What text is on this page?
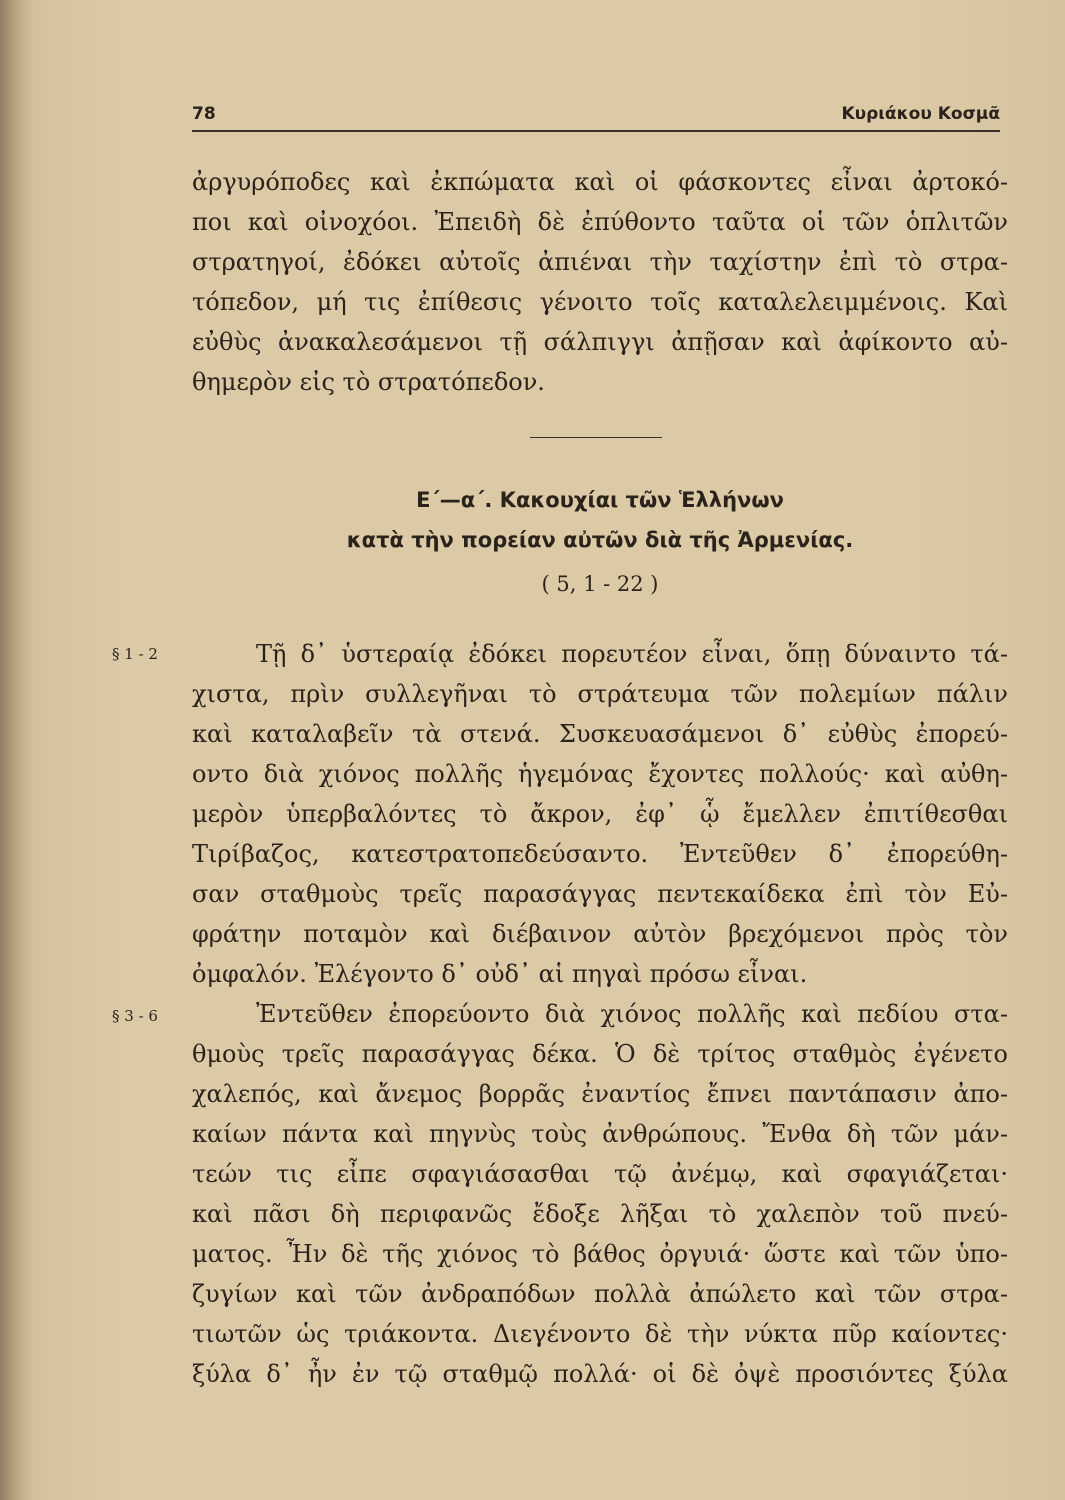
78	Κυριάκου Κοσμᾶ
ἀργυρόποδες καὶ ἐκπώματα καὶ οἱ φάσκοντες εἶναι ἀρτοκό-
ποι καὶ οἰνοχόοι. Ἐπειδὴ δὲ ἐπύθοντο ταῦτα οἱ τῶν ὁπλιτῶν
στρατηγοί, ἐδόκει αὐτοῖς ἀπιέναι τὴν ταχίστην ἐπὶ τὸ στρα-
τόπεδον, μή τις ἐπίθεσις γένοιτο τοῖς καταλελειμμένοις. Καὶ
εὐθὺς ἀνακαλεσάμενοι τῇ σάλπιγγι ἀπῇσαν καὶ ἀφίκοντο αὐ-
θημερὸν εἰς τὸ στρατόπεδον.
Ε΄—α΄. Κακουχίαι τῶν Ἑλλήνων
κατὰ τὴν πορείαν αὐτῶν διὰ τῆς Ἀρμενίας.
( 5, 1 - 22 )
§ 1 - 2	Τῇ δ᾽ ὑστεραίᾳ ἐδόκει πορευτέον εἶναι, ὅπῃ δύναιντο τά-
χιστα, πρὶν συλλεγῆναι τὸ στράτευμα τῶν πολεμίων πάλιν
καὶ καταλαβεῖν τὰ στενά. Συσκευασάμενοι δ᾽ εὐθὺς ἐπορεύ-
οντο διὰ χιόνος πολλῆς ἡγεμόνας ἔχοντες πολλούς· καὶ αὐθη-
μερὸν ὑπερβαλόντες τὸ ἄκρον, ἐφ᾽ ᾧ ἔμελλεν ἐπιτίθεσθαι
Τιρίβαζος, κατεστρατοπεδεύσαντο. Ἐντεῦθεν δ᾽ ἐπορεύθη-
σαν σταθμοὺς τρεῖς παρασάγγας πεντεκαίδεκα ἐπὶ τὸν Εὐ-
φράτην ποταμὸν καὶ διέβαινον αὐτὸν βρεχόμενοι πρὸς τὸν
ὀμφαλόν. Ἐλέγοντο δ᾽ οὐδ᾽ αἱ πηγαὶ πρόσω εἶναι.
§ 3 - 6	Ἐντεῦθεν ἐπορεύοντο διὰ χιόνος πολλῆς καὶ πεδίου στα-
θμοὺς τρεῖς παρασάγγας δέκα. Ὁ δὲ τρίτος σταθμὸς ἐγένετο
χαλεπός, καὶ ἄνεμος βορρᾶς ἐναντίος ἔπνει παντάπασιν ἀπο-
καίων πάντα καὶ πηγνὺς τοὺς ἀνθρώπους. Ἔνθα δὴ τῶν μάν-
τεών τις εἶπε σφαγιάσασθαι τῷ ἀνέμῳ, καὶ σφαγιάζεται·
καὶ πᾶσι δὴ περιφανῶς ἔδοξε λῆξαι τὸ χαλεπὸν τοῦ πνεύ-
ματος. Ἦν δὲ τῆς χιόνος τὸ βάθος ὀργυιά· ὥστε καὶ τῶν ὑπο-
ζυγίων καὶ τῶν ἀνδραπόδων πολλὰ ἀπώλετο καὶ τῶν στρα-
τιωτῶν ὡς τριάκοντα. Διεγένοντο δὲ τὴν νύκτα πῦρ καίοντες·
ξύλα δ᾽ ἦν ἐν τῷ σταθμῷ πολλά· οἱ δὲ ὀψὲ προσιόντες ξύλα
